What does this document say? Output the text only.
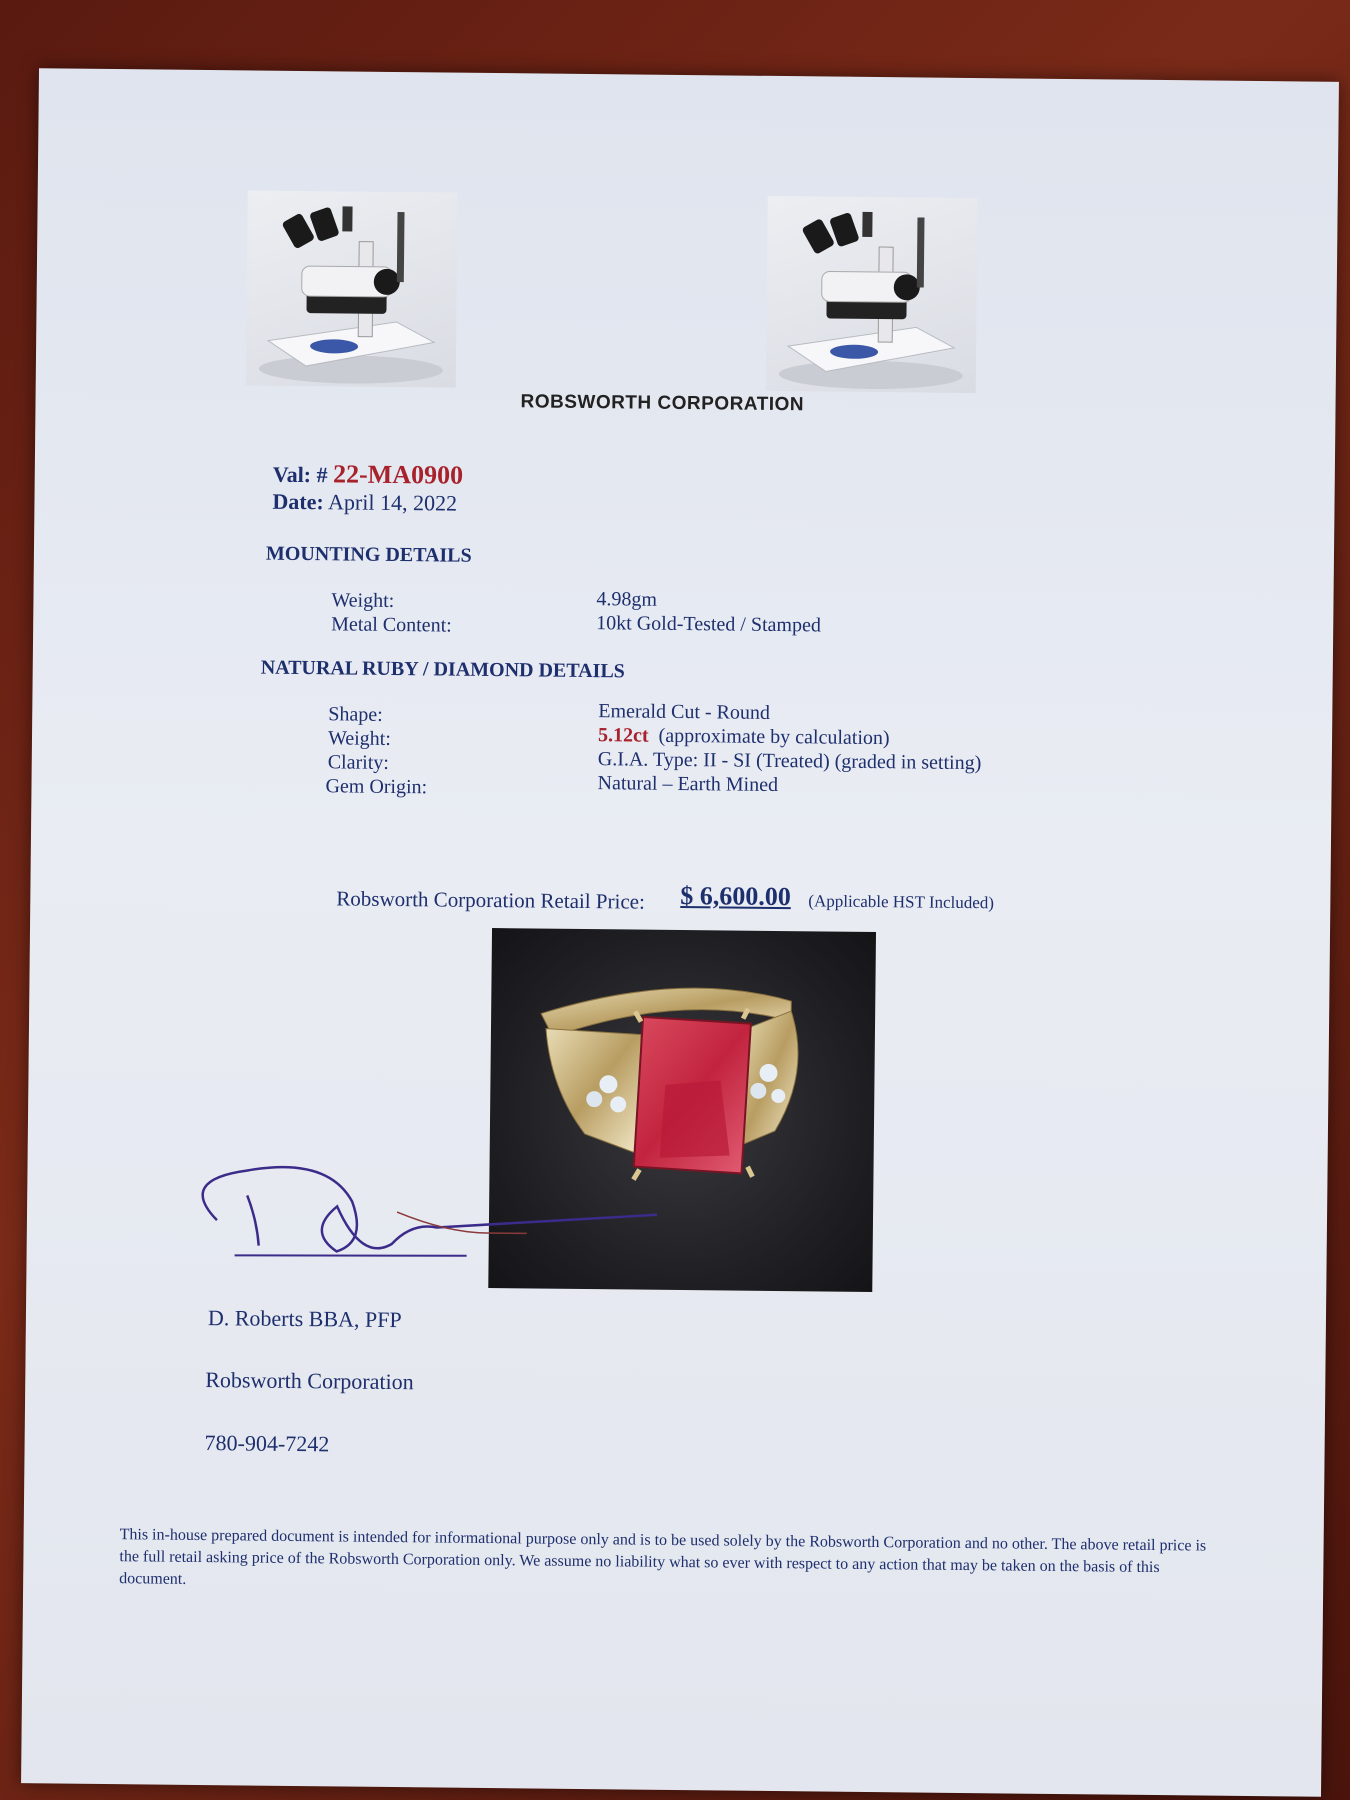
ROBSWORTH CORPORATION
Val: # 22-MA0900
Date: April 14, 2022
MOUNTING DETAILS
Weight:	4.98gm
Metal Content:	10kt Gold-Tested / Stamped
NATURAL RUBY / DIAMOND DETAILS
Shape:	Emerald Cut - Round
Weight:	5.12ct (approximate by calculation)
Clarity:	G.I.A. Type: II - SI (Treated) (graded in setting)
Gem Origin:	Natural – Earth Mined
Robsworth Corporation Retail Price: $ 6,600.00 (Applicable HST Included)
D. Roberts BBA, PFP
Robsworth Corporation
780-904-7242
This in-house prepared document is intended for informational purpose only and is to be used solely by the Robsworth Corporation and no other. The above retail price is the full retail asking price of the Robsworth Corporation only. We assume no liability what so ever with respect to any action that may be taken on the basis of this document.
